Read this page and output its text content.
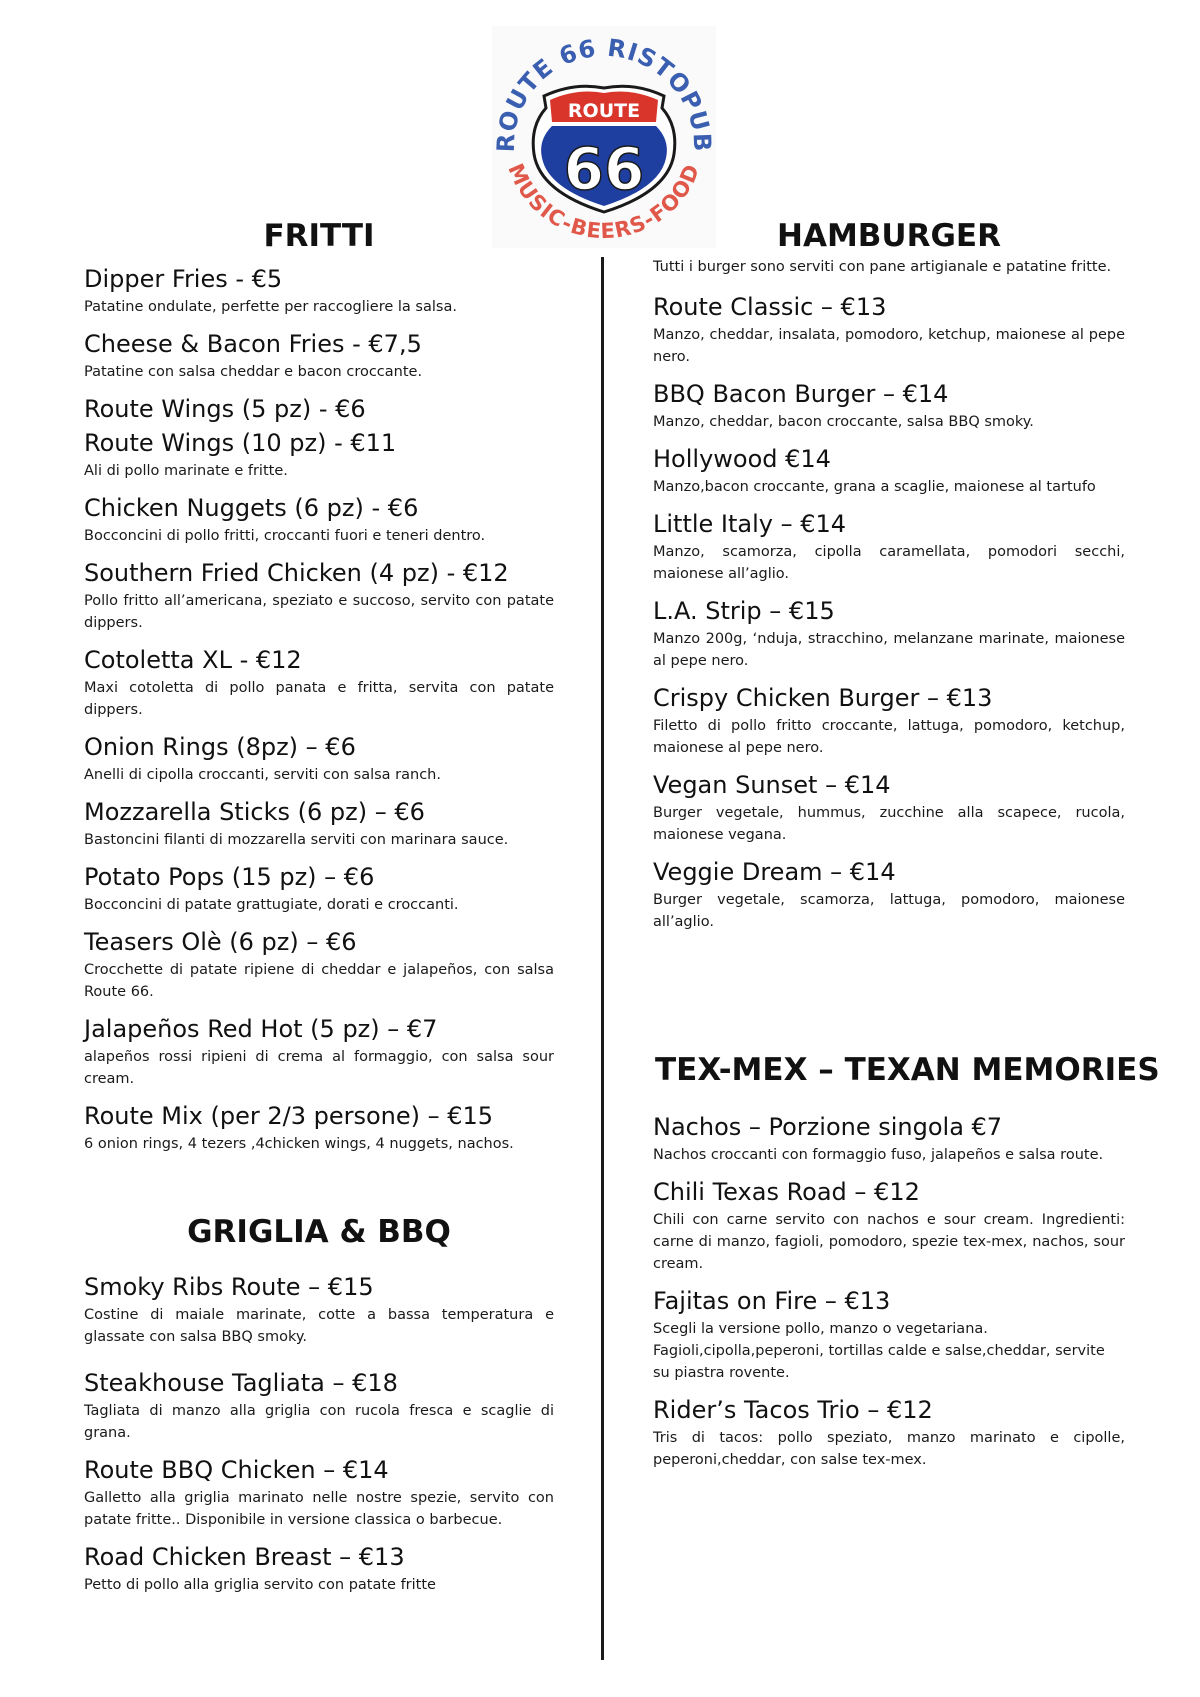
ROUTE 66 RISTOPUB
MUSIC-BEERS-FOOD
ROUTE
66
FRITTI	HAMBURGER
TEX-MEX – TEXAN MEMORIES
GRIGLIA & BBQ

Dipper Fries - €5

Patatine ondulate, perfette per raccogliere la salsa.

Cheese & Bacon Fries - €7,5

Patatine con salsa cheddar e bacon croccante.

Route Wings (5 pz) - €6

Route Wings (10 pz) - €11

Ali di pollo marinate e fritte.

Chicken Nuggets (6 pz) - €6

Bocconcini di pollo fritti, croccanti fuori e teneri dentro.

Southern Fried Chicken (4 pz) - €12

Pollo fritto all’americana, speziato e succoso, servito con patate dippers.

Cotoletta XL - €12

Maxi cotoletta di pollo panata e fritta, servita con patate dippers.

Onion Rings (8pz) – €6

Anelli di cipolla croccanti, serviti con salsa ranch.

Mozzarella Sticks (6 pz) – €6

Bastoncini filanti di mozzarella serviti con marinara sauce.

Potato Pops (15 pz) – €6

Bocconcini di patate grattugiate, dorati e croccanti.

Teasers Olè (6 pz) – €6

Crocchette di patate ripiene di cheddar e jalapeños, con salsa Route 66.

Jalapeños Red Hot (5 pz) – €7

alapeños rossi ripieni di crema al formaggio, con salsa sour cream.

Route Mix (per 2/3 persone) – €15

6 onion rings, 4 tezers ,4chicken wings, 4 nuggets, nachos.

Smoky Ribs Route – €15

Costine di maiale marinate, cotte a bassa temperatura e glassate con salsa BBQ smoky.

Steakhouse Tagliata – €18

Tagliata di manzo alla griglia con rucola fresca e scaglie di grana.

Route BBQ Chicken – €14

Galletto alla griglia marinato nelle nostre spezie, servito con patate fritte.. Disponibile in versione classica o barbecue.

Road Chicken Breast – €13

Petto di pollo alla griglia servito con patate fritte

Tutti i burger sono serviti con pane artigianale e patatine fritte.

Route Classic – €13

Manzo, cheddar, insalata, pomodoro, ketchup, maionese al pepe nero.

BBQ Bacon Burger – €14

Manzo, cheddar, bacon croccante, salsa BBQ smoky.

Hollywood €14

Manzo,bacon croccante, grana a scaglie, maionese al tartufo

Little Italy – €14

Manzo, scamorza, cipolla caramellata, pomodori secchi, maionese all’aglio.

L.A. Strip – €15

Manzo 200g, ‘nduja, stracchino, melanzane marinate, maionese al pepe nero.

Crispy Chicken Burger – €13

Filetto di pollo fritto croccante, lattuga, pomodoro, ketchup, maionese al pepe nero.

Vegan Sunset – €14

Burger vegetale, hummus, zucchine alla scapece, rucola, maionese vegana.

Veggie Dream – €14

Burger vegetale, scamorza, lattuga, pomodoro, maionese all’aglio.

Nachos – Porzione singola €7

Nachos croccanti con formaggio fuso, jalapeños e salsa route.

Chili Texas Road – €12

Chili con carne servito con nachos e sour cream. Ingredienti: carne di manzo, fagioli, pomodoro, spezie tex-mex, nachos, sour cream.

Fajitas on Fire – €13

Scegli la versione pollo, manzo o vegetariana. Fagioli,cipolla,peperoni, tortillas calde e salse,cheddar, servite su piastra rovente.

Rider’s Tacos Trio – €12

Tris di tacos: pollo speziato, manzo marinato e cipolle, peperoni,cheddar, con salse tex-mex.
